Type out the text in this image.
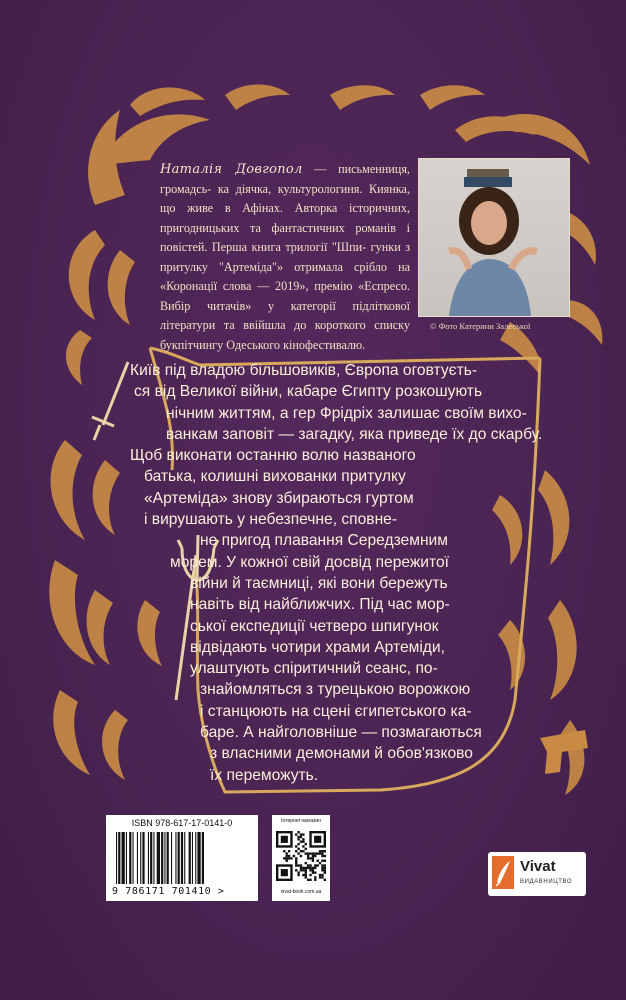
Наталія Довгопол — письменниця, громадсь- ка діячка, культурологиня. Киянка, що живе в Афінах. Авторка історичних, пригодницьких та фантастичних романів і повістей. Перша книга трилогії "Шпи- гунки з притулку "Артеміда"» отримала срібло на «Коронації слова — 2019», премію «Еспресо. Вибір читачів» у категорії підліткової літератури та ввійшла до короткого списку букпітчингу Одеського кінофестивалю.
© Фото Катерини Залеської
Київ під владою більшовиків, Європа оговтуєть-
ся від Великої війни, кабаре Єгипту розкошують
нічним життям, а гер Фрідріх залишає своїм вихо-
ванкам заповіт — загадку, яка приведе їх до скарбу.
Щоб виконати останню волю названого
батька, колишні вихованки притулку
«Артеміда» знову збираються гуртом
і вирушають у небезпечне, сповне-
не пригод плавання Середземним
морем. У кожної свій досвід пережитої
війни й таємниці, які вони бережуть
навіть від найближчих. Під час мор-
ської експедиції четверо шпигунок
відвідають чотири храми Артеміди,
улаштують спіритичний сеанс, по-
знайомляться з турецькою ворожкою
і станцюють на сцені єгипетського ка-
баре. А найголовніше — позмагаються
з власними демонами й обов'язково
їх переможуть.
ISBN 978-617-17-0141-0
9 786171 701410 >
Інтернет-магазин
vivat-book.com.ua
Vivat
ВИДАВНИЦТВО
